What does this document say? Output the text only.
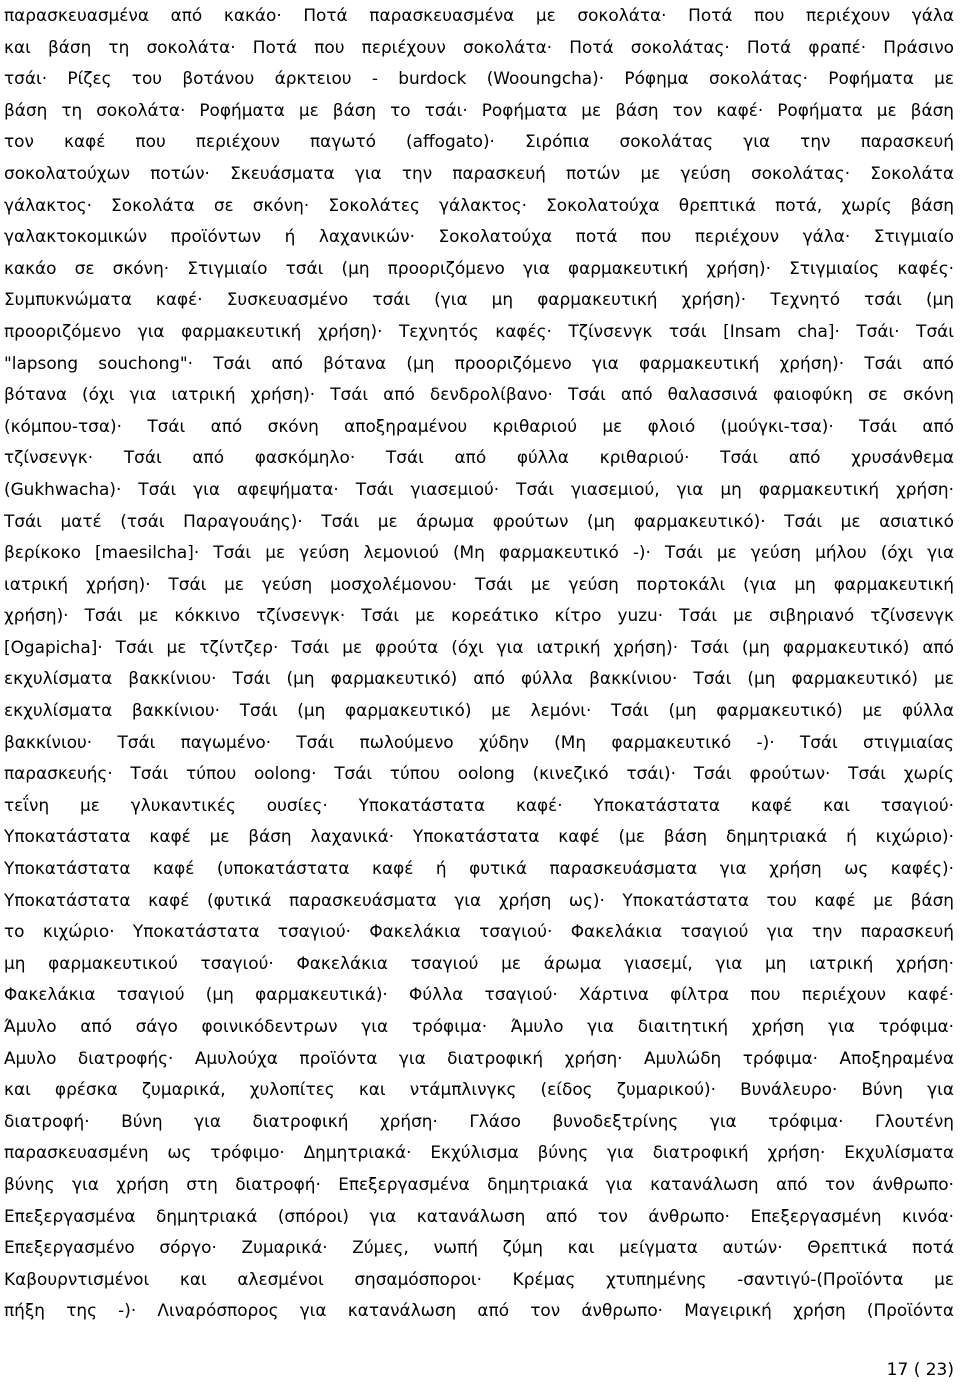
παρασκευασμένα από κακάο· Ποτά παρασκευασμένα με σοκολάτα· Ποτά που περιέχουν γάλα
και βάση τη σοκολάτα· Ποτά που περιέχουν σοκολάτα· Ποτά σοκολάτας· Ποτά φραπέ· Πράσινο
τσάι· Ρίζες του βοτάνου άρκτειου - burdock (Wooungcha)· Ρόφημα σοκολάτας· Ροφήματα με
βάση τη σοκολάτα· Ροφήματα με βάση το τσάι· Ροφήματα με βάση τον καφέ· Ροφήματα με βάση
τον καφέ που περιέχουν παγωτό (affogato)· Σιρόπια σοκολάτας για την παρασκευή
σοκολατούχων ποτών· Σκευάσματα για την παρασκευή ποτών με γεύση σοκολάτας· Σοκολάτα
γάλακτος· Σοκολάτα σε σκόνη· Σοκολάτες γάλακτος· Σοκολατούχα θρεπτικά ποτά, χωρίς βάση
γαλακτοκομικών προϊόντων ή λαχανικών· Σοκολατούχα ποτά που περιέχουν γάλα· Στιγμιαίο
κακάο σε σκόνη· Στιγμιαίο τσάι (μη προοριζόμενο για φαρμακευτική χρήση)· Στιγμιαίος καφές·
Συμπυκνώματα καφέ· Συσκευασμένο τσάι (για μη φαρμακευτική χρήση)· Τεχνητό τσάι (μη
προοριζόμενο για φαρμακευτική χρήση)· Τεχνητός καφές· Τζίνσενγκ τσάι [Insam cha]· Τσάι· Τσάι
"lapsong souchong"· Τσάι από βότανα (μη προοριζόμενο για φαρμακευτική χρήση)· Τσάι από
βότανα (όχι για ιατρική χρήση)· Τσάι από δενδρολίβανο· Τσάι από θαλασσινά φαιοφύκη σε σκόνη
(κόμπου-τσα)· Τσάι από σκόνη αποξηραμένου κριθαριού με φλοιό (μούγκι-τσα)· Τσάι από
τζίνσενγκ· Τσάι από φασκόμηλο· Τσάι από φύλλα κριθαριού· Τσάι από χρυσάνθεμα
(Gukhwacha)· Τσάι για αφεψήματα· Τσάι γιασεμιού· Τσάι γιασεμιού, για μη φαρμακευτική χρήση·
Τσάι ματέ (τσάι Παραγουάης)· Τσάι με άρωμα φρούτων (μη φαρμακευτικό)· Τσάι με ασιατικό
βερίκοκο [maesilcha]· Τσάι με γεύση λεμονιού (Μη φαρμακευτικό -)· Τσάι με γεύση μήλου (όχι για
ιατρική χρήση)· Τσάι με γεύση μοσχολέμονου· Τσάι με γεύση πορτοκάλι (για μη φαρμακευτική
χρήση)· Τσάι με κόκκινο τζίνσενγκ· Τσάι με κορεάτικο κίτρο yuzu· Τσάι με σιβηριανό τζίνσενγκ
[Ogapicha]· Τσάι με τζίντζερ· Τσάι με φρούτα (όχι για ιατρική χρήση)· Τσάι (μη φαρμακευτικό) από
εκχυλίσματα βακκίνιου· Τσάι (μη φαρμακευτικό) από φύλλα βακκίνιου· Τσάι (μη φαρμακευτικό) με
εκχυλίσματα βακκίνιου· Τσάι (μη φαρμακευτικό) με λεμόνι· Τσάι (μη φαρμακευτικό) με φύλλα
βακκίνιου· Τσάι παγωμένο· Τσάι πωλούμενο χύδην (Μη φαρμακευτικό -)· Τσάι στιγμιαίας
παρασκευής· Τσάι τύπου oolong· Τσάι τύπου oolong (κινεζικό τσάι)· Τσάι φρούτων· Τσάι χωρίς
τεΐνη με γλυκαντικές ουσίες· Υποκατάστατα καφέ· Υποκατάστατα καφέ και τσαγιού·
Υποκατάστατα καφέ με βάση λαχανικά· Υποκατάστατα καφέ (με βάση δημητριακά ή κιχώριο)·
Υποκατάστατα καφέ (υποκατάστατα καφέ ή φυτικά παρασκευάσματα για χρήση ως καφές)·
Υποκατάστατα καφέ (φυτικά παρασκευάσματα για χρήση ως)· Υποκατάστατα του καφέ με βάση
το κιχώριο· Υποκατάστατα τσαγιού· Φακελάκια τσαγιού· Φακελάκια τσαγιού για την παρασκευή
μη φαρμακευτικού τσαγιού· Φακελάκια τσαγιού με άρωμα γιασεμί, για μη ιατρική χρήση·
Φακελάκια τσαγιού (μη φαρμακευτικά)· Φύλλα τσαγιού· Χάρτινα φίλτρα που περιέχουν καφέ·
Άμυλο από σάγο φοινικόδεντρων για τρόφιμα· Άμυλο για διαιτητική χρήση για τρόφιμα·
Αμυλο διατροφής· Αμυλούχα προϊόντα για διατροφική χρήση· Αμυλώδη τρόφιμα· Αποξηραμένα
και φρέσκα ζυμαρικά, χυλοπίτες και ντάμπλινγκς (είδος ζυμαρικού)· Βυνάλευρο· Βύνη για
διατροφή· Βύνη για διατροφική χρήση· Γλάσο βυνοδεξτρίνης για τρόφιμα· Γλουτένη
παρασκευασμένη ως τρόφιμο· Δημητριακά· Εκχύλισμα βύνης για διατροφική χρήση· Εκχυλίσματα
βύνης για χρήση στη διατροφή· Επεξεργασμένα δημητριακά για κατανάλωση από τον άνθρωπο·
Επεξεργασμένα δημητριακά (σπόροι) για κατανάλωση από τον άνθρωπο· Επεξεργασμένη κινόα·
Επεξεργασμένο σόργο· Ζυμαρικά· Ζύμες, νωπή ζύμη και μείγματα αυτών· Θρεπτικά ποτά
Καβουρντισμένοι και αλεσμένοι σησαμόσποροι· Κρέμας χτυπημένης -σαντιγύ-(Προϊόντα με
πήξη της -)· Λιναρόσπορος για κατανάλωση από τον άνθρωπο· Μαγειρική χρήση (Προϊόντα
17 ( 23)
